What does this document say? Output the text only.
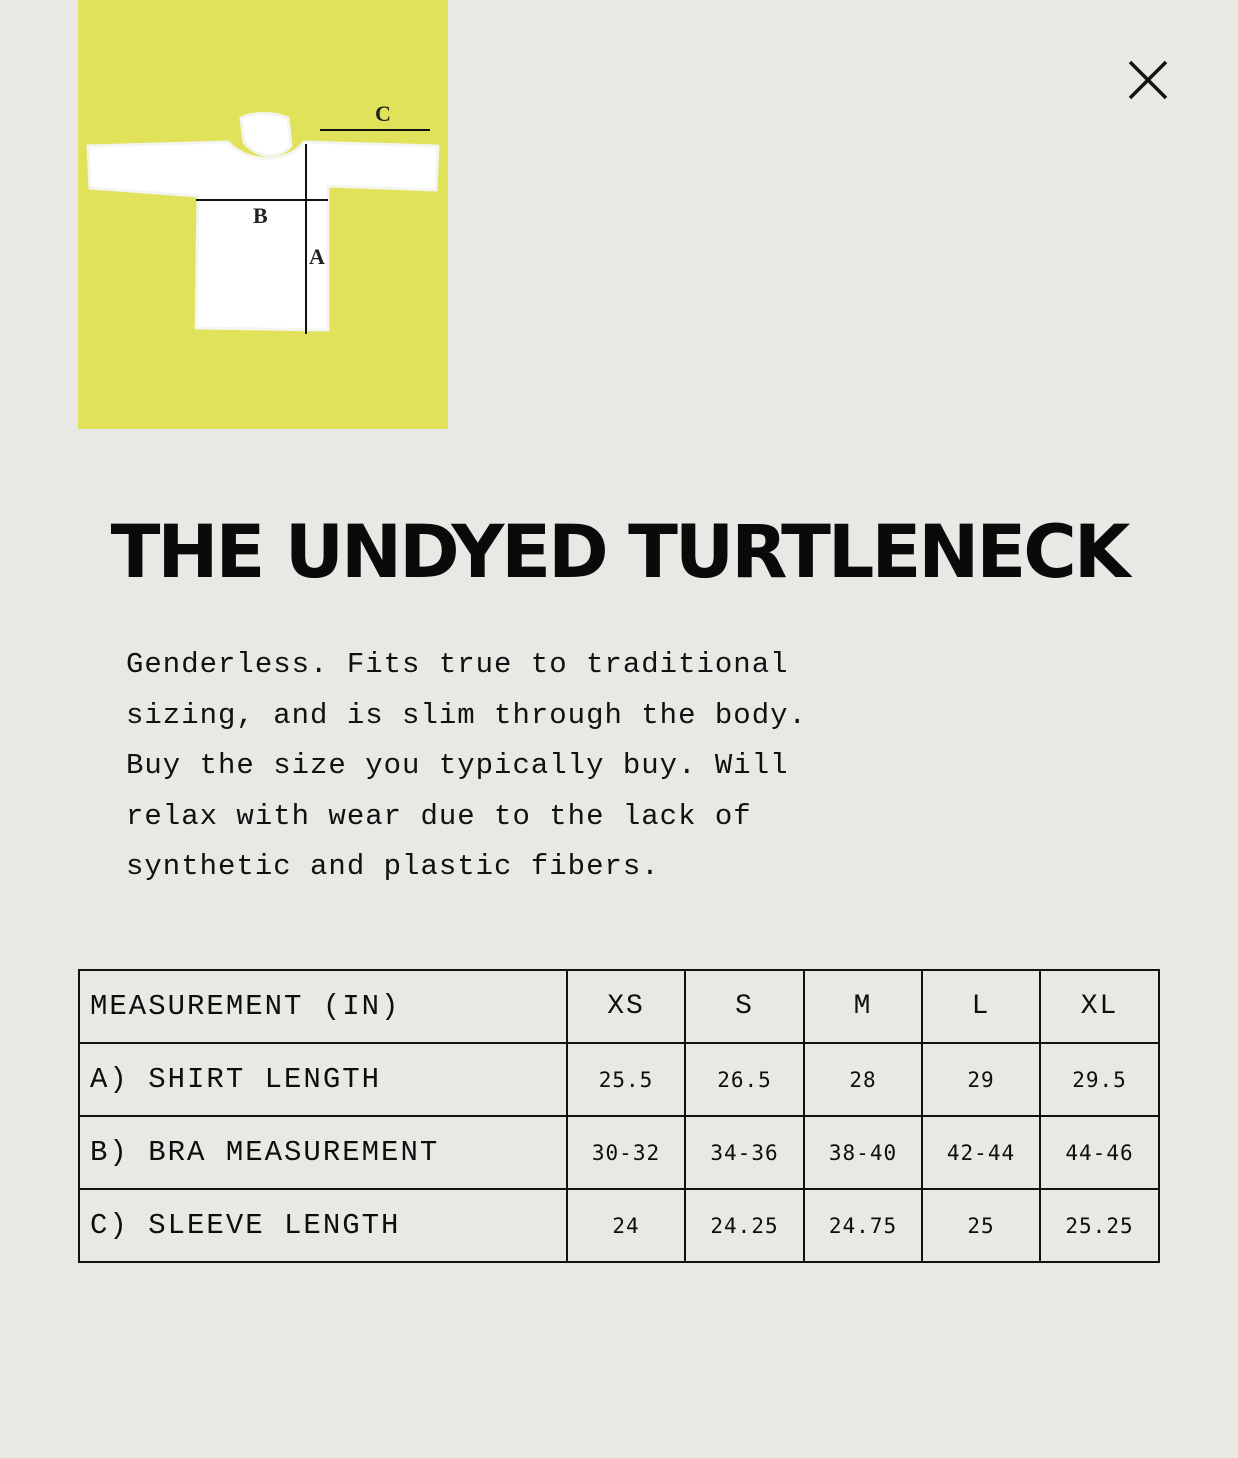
B
A
C
THE UNDYED TURTLENECK
Genderless. Fits true to traditional
sizing, and is slim through the body.
Buy the size you typically buy. Will
relax with wear due to the lack of
synthetic and plastic fibers.
MEASUREMENT (IN)	XS	S	M	L	XL
A) SHIRT LENGTH	25.5	26.5	28	29	29.5
B) BRA MEASUREMENT	30-32	34-36	38-40	42-44	44-46
C) SLEEVE LENGTH	24	24.25	24.75	25	25.25
